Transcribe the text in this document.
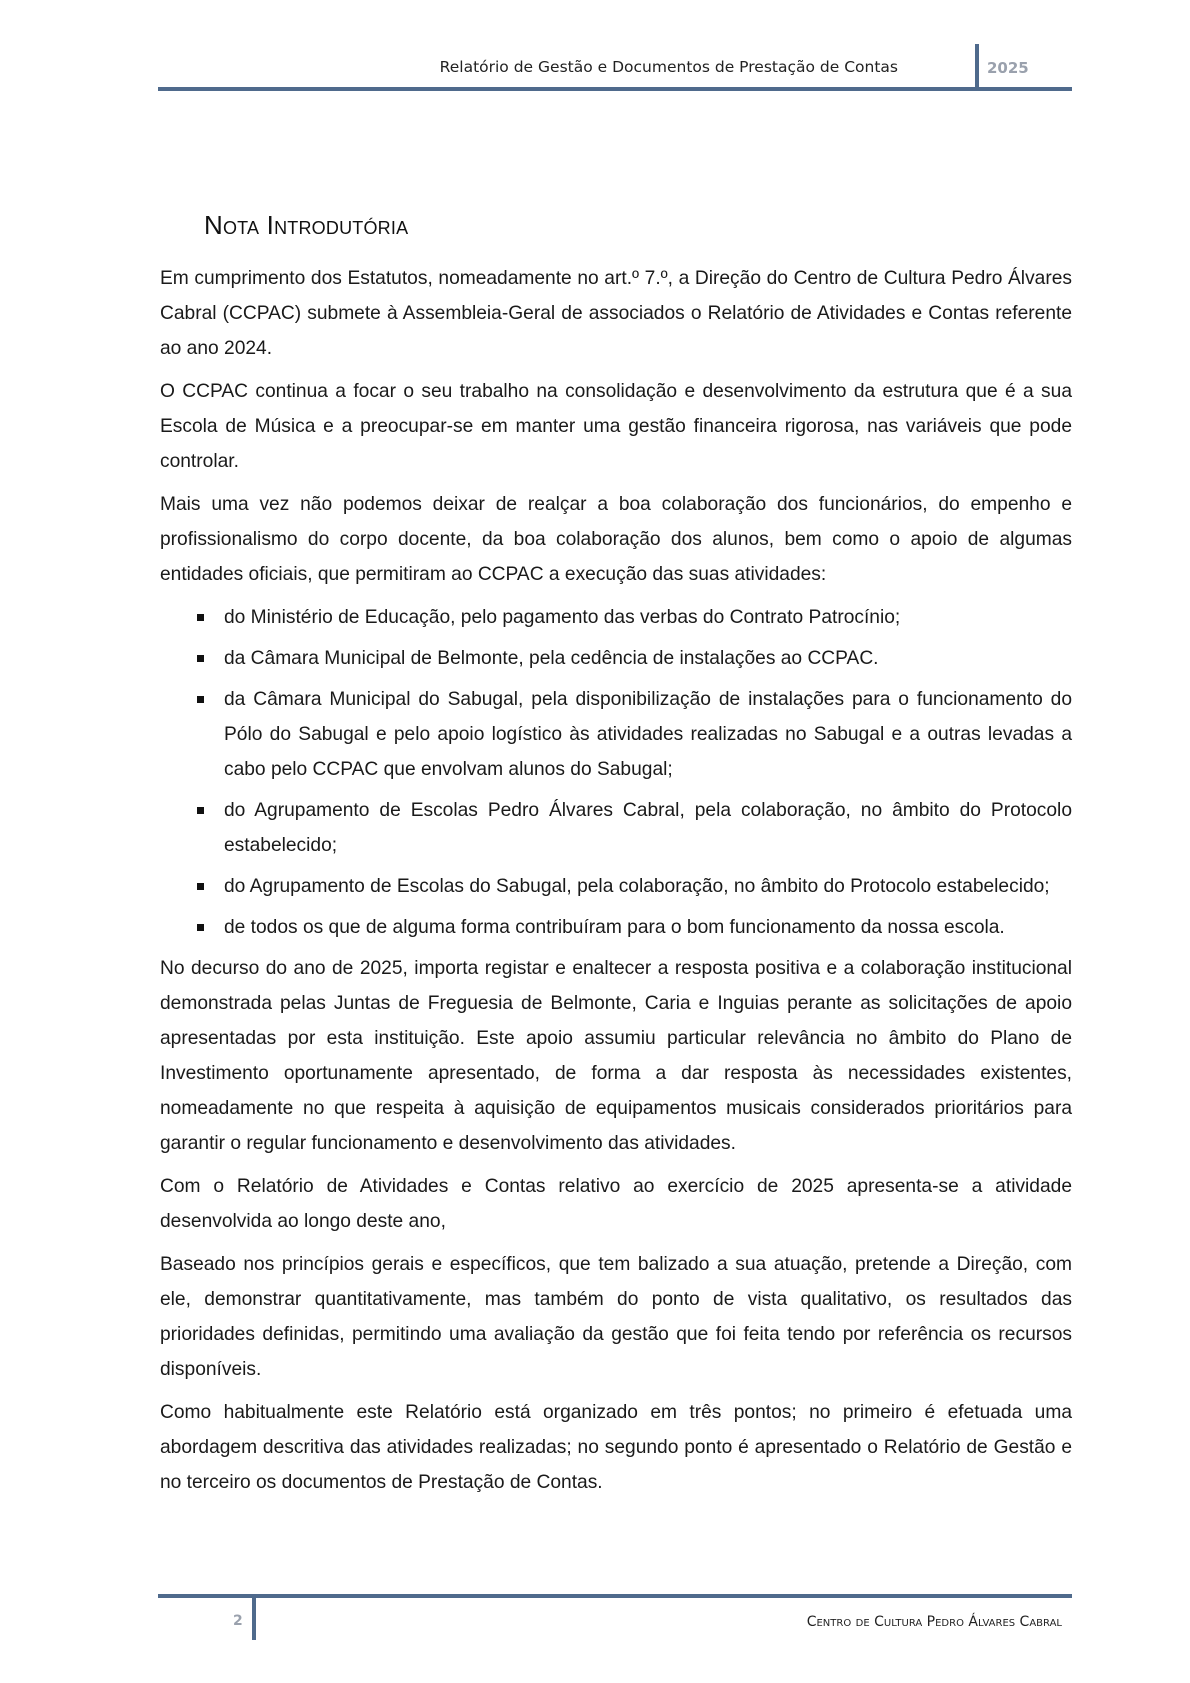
Relatório de Gestão e Documentos de Prestação de Contas	2025
Nota Introdutória

Em cumprimento dos Estatutos, nomeadamente no art.º 7.º, a Direção do Centro de Cultura Pedro Álvares Cabral (CCPAC) submete à Assembleia-Geral de associados o Relatório de Atividades e Contas referente ao ano 2024.

O CCPAC continua a focar o seu trabalho na consolidação e desenvolvimento da estrutura que é a sua Escola de Música e a preocupar-se em manter uma gestão financeira rigorosa, nas variáveis que pode controlar.

Mais uma vez não podemos deixar de realçar a boa colaboração dos funcionários, do empenho e profissionalismo do corpo docente, da boa colaboração dos alunos, bem como o apoio de algumas entidades oficiais, que permitiram ao CCPAC a execução das suas atividades:

do Ministério de Educação, pelo pagamento das verbas do Contrato Patrocínio;
da Câmara Municipal de Belmonte, pela cedência de instalações ao CCPAC.
da Câmara Municipal do Sabugal, pela disponibilização de instalações para o funcionamento do Pólo do Sabugal e pelo apoio logístico às atividades realizadas no Sabugal e a outras levadas a cabo pelo CCPAC que envolvam alunos do Sabugal;
do Agrupamento de Escolas Pedro Álvares Cabral, pela colaboração, no âmbito do Protocolo estabelecido;
do Agrupamento de Escolas do Sabugal, pela colaboração, no âmbito do Protocolo estabelecido;
de todos os que de alguma forma contribuíram para o bom funcionamento da nossa escola.

No decurso do ano de 2025, importa registar e enaltecer a resposta positiva e a colaboração institucional demonstrada pelas Juntas de Freguesia de Belmonte, Caria e Inguias perante as solicitações de apoio apresentadas por esta instituição. Este apoio assumiu particular relevância no âmbito do Plano de Investimento oportunamente apresentado, de forma a dar resposta às necessidades existentes, nomeadamente no que respeita à aquisição de equipamentos musicais considerados prioritários para garantir o regular funcionamento e desenvolvimento das atividades.

Com o Relatório de Atividades e Contas relativo ao exercício de 2025 apresenta-se a atividade desenvolvida ao longo deste ano,

Baseado nos princípios gerais e específicos, que tem balizado a sua atuação, pretende a Direção, com ele, demonstrar quantitativamente, mas também do ponto de vista qualitativo, os resultados das prioridades definidas, permitindo uma avaliação da gestão que foi feita tendo por referência os recursos disponíveis.

Como habitualmente este Relatório está organizado em três pontos; no primeiro é efetuada uma abordagem descritiva das atividades realizadas; no segundo ponto é apresentado o Relatório de Gestão e no terceiro os documentos de Prestação de Contas.

2	Centro de Cultura Pedro Álvares Cabral
